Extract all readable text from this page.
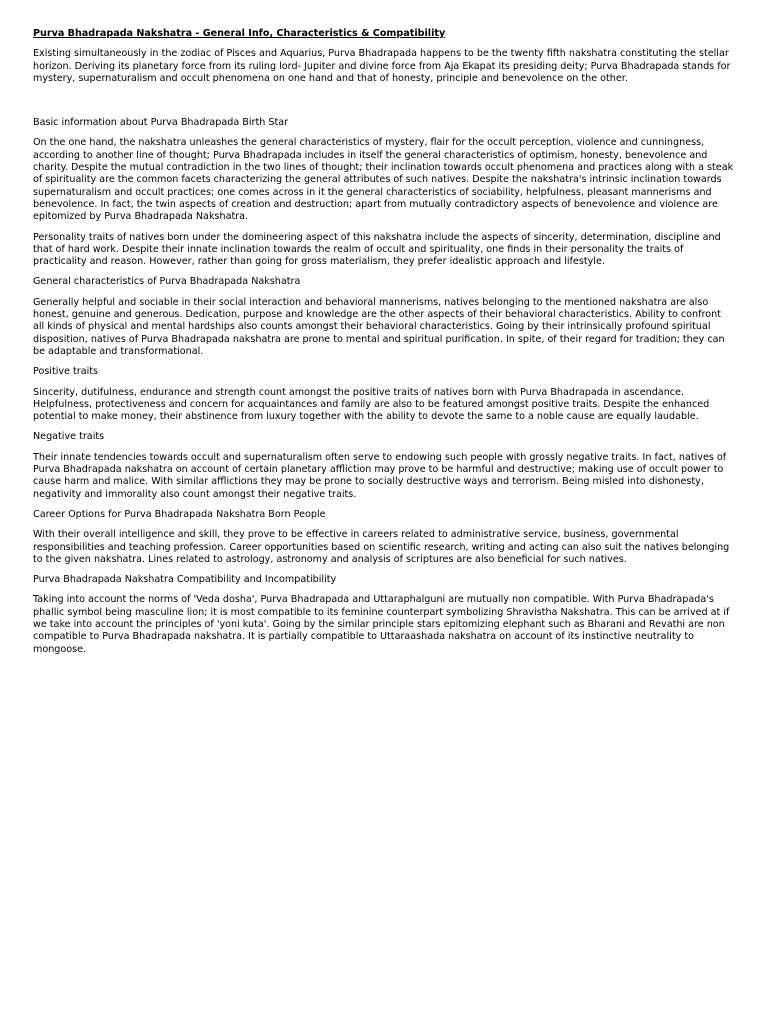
Purva Bhadrapada Nakshatra - General Info, Characteristics & Compatibility

Existing simultaneously in the zodiac of Pisces and Aquarius, Purva Bhadrapada happens to be the twenty fifth nakshatra constituting the stellar horizon. Deriving its planetary force from its ruling lord- Jupiter and divine force from Aja Ekapat its presiding deity; Purva Bhadrapada stands for mystery, supernaturalism and occult phenomena on one hand and that of honesty, principle and benevolence on the other.

Basic information about Purva Bhadrapada Birth Star

On the one hand, the nakshatra unleashes the general characteristics of mystery, flair for the occult perception, violence and cunningness, according to another line of thought; Purva Bhadrapada includes in itself the general characteristics of optimism, honesty, benevolence and charity. Despite the mutual contradiction in the two lines of thought; their inclination towards occult phenomena and practices along with a steak of spirituality are the common facets characterizing the general attributes of such natives. Despite the nakshatra's intrinsic inclination towards supernaturalism and occult practices; one comes across in it the general characteristics of sociability, helpfulness, pleasant mannerisms and benevolence. In fact, the twin aspects of creation and destruction; apart from mutually contradictory aspects of benevolence and violence are epitomized by Purva Bhadrapada Nakshatra.

Personality traits of natives born under the domineering aspect of this nakshatra include the aspects of sincerity, determination, discipline and that of hard work. Despite their innate inclination towards the realm of occult and spirituality, one finds in their personality the traits of practicality and reason. However, rather than going for gross materialism, they prefer idealistic approach and lifestyle.

General characteristics of Purva Bhadrapada Nakshatra

Generally helpful and sociable in their social interaction and behavioral mannerisms, natives belonging to the mentioned nakshatra are also honest, genuine and generous. Dedication, purpose and knowledge are the other aspects of their behavioral characteristics. Ability to confront all kinds of physical and mental hardships also counts amongst their behavioral characteristics. Going by their intrinsically profound spiritual disposition, natives of Purva Bhadrapada nakshatra are prone to mental and spiritual purification. In spite, of their regard for tradition; they can be adaptable and transformational.

Positive traits

Sincerity, dutifulness, endurance and strength count amongst the positive traits of natives born with Purva Bhadrapada in ascendance. Helpfulness, protectiveness and concern for acquaintances and family are also to be featured amongst positive traits. Despite the enhanced potential to make money, their abstinence from luxury together with the ability to devote the same to a noble cause are equally laudable.

Negative traits

Their innate tendencies towards occult and supernaturalism often serve to endowing such people with grossly negative traits. In fact, natives of Purva Bhadrapada nakshatra on account of certain planetary affliction may prove to be harmful and destructive; making use of occult power to cause harm and malice. With similar afflictions they may be prone to socially destructive ways and terrorism. Being misled into dishonesty, negativity and immorality also count amongst their negative traits.

Career Options for Purva Bhadrapada Nakshatra Born People

With their overall intelligence and skill, they prove to be effective in careers related to administrative service, business, governmental responsibilities and teaching profession. Career opportunities based on scientific research, writing and acting can also suit the natives belonging to the given nakshatra. Lines related to astrology, astronomy and analysis of scriptures are also beneficial for such natives.

Purva Bhadrapada Nakshatra Compatibility and Incompatibility

Taking into account the norms of 'Veda dosha', Purva Bhadrapada and Uttaraphalguni are mutually non compatible. With Purva Bhadrapada's phallic symbol being masculine lion; it is most compatible to its feminine counterpart symbolizing Shravistha Nakshatra. This can be arrived at if we take into account the principles of 'yoni kuta'. Going by the similar principle stars epitomizing elephant such as Bharani and Revathi are non compatible to Purva Bhadrapada nakshatra. It is partially compatible to Uttaraashada nakshatra on account of its instinctive neutrality to mongoose.
